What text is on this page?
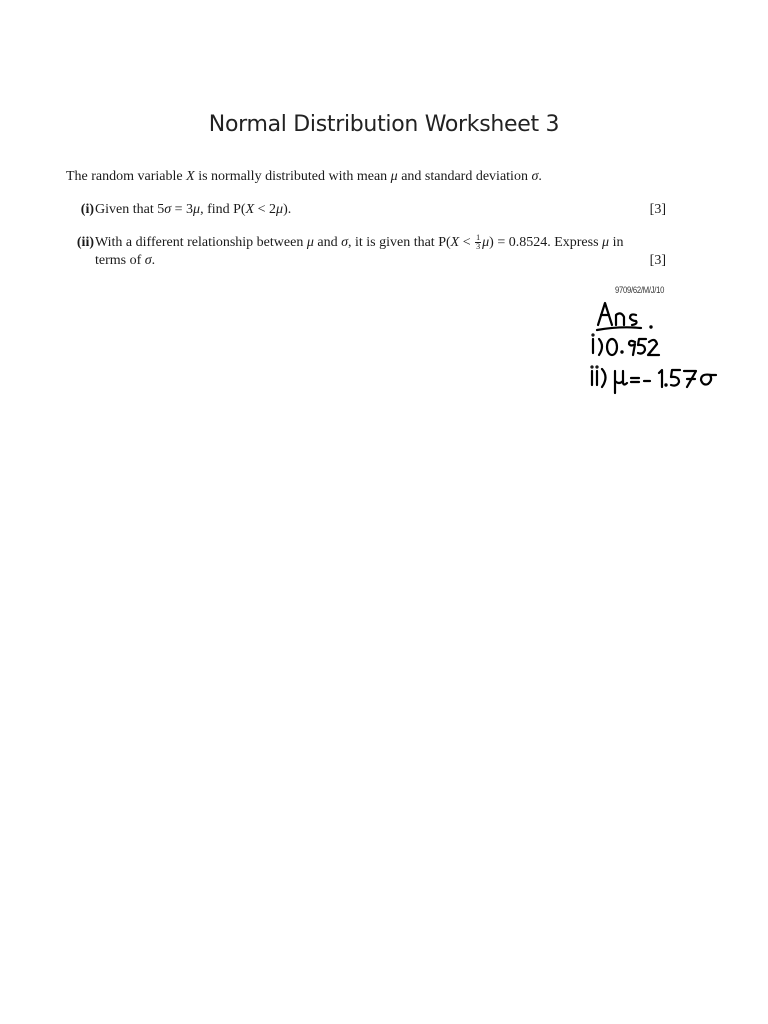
Normal Distribution Worksheet 3

The random variable X is normally distributed with mean μ and standard deviation σ.

(i) Given that 5σ = 3μ, find P(X < 2μ).	[3]
(ii) With a different relationship between μ and σ, it is given that $P(X < \frac{1}{3} \mu) = 0.8524$. Express μ in
terms of σ.	[3]
9709/62/M/J/10
